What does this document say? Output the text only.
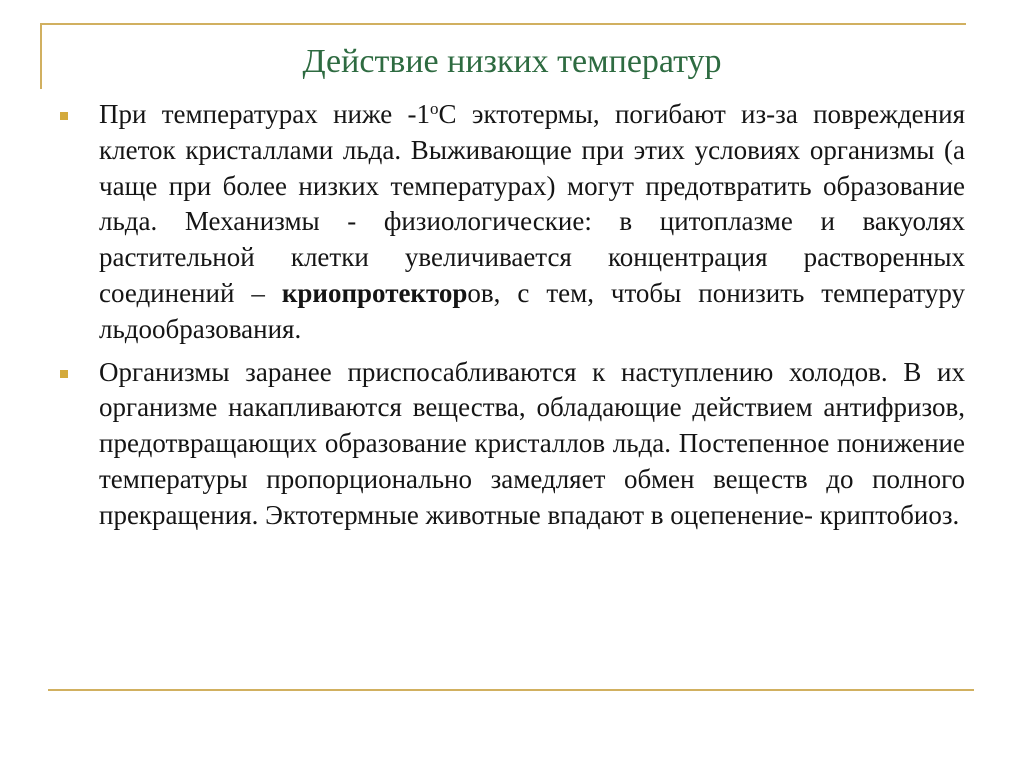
Действие низких температур
При температурах ниже $-1^оС$ эктотермы, погибают из-за повреждения клеток кристаллами льда. Выживающие при этих условиях организмы (а чаще при более низких температурах) могут предотвратить образование льда. Механизмы - физиологические: в цитоплазме и вакуолях растительной клетки увеличивается концентрация растворенных соединений – криопротекторов, с тем, чтобы понизить температуру льдообразования.
Организмы заранее приспосабливаются к наступлению холодов. В их организме накапливаются вещества, обладающие действием антифризов, предотвращающих образование кристаллов льда. Постепенное понижение температуры пропорционально замедляет обмен веществ до полного прекращения. Эктотермные животные впадают в оцепенение- криптобиоз.
